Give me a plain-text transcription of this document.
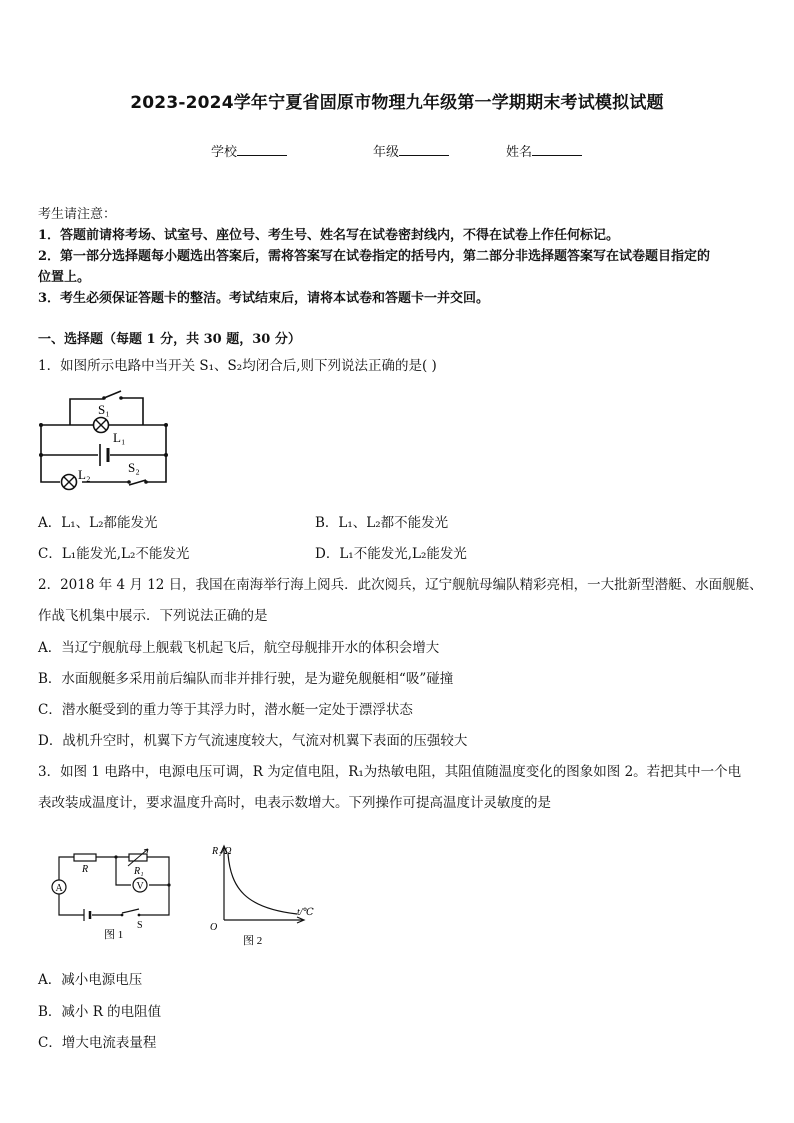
2023-2024学年宁夏省固原市物理九年级第一学期期末考试模拟试题
学校	年级	姓名
考生请注意：
1．答题前请将考场、试室号、座位号、考生号、姓名写在试卷密封线内，不得在试卷上作任何标记。
2．第一部分选择题每小题选出答案后，需将答案写在试卷指定的括号内，第二部分非选择题答案写在试卷题目指定的
位置上。
3．考生必须保证答题卡的整洁。考试结束后，请将本试卷和答题卡一并交回。
一、选择题（每题 1 分，共 30 题，30 分）
1．如图所示电路中当开关 S₁、S₂均闭合后,则下列说法正确的是( )
S₁
L₁
L₂	S₂
A．L₁、L₂都能发光	B．L₁、L₂都不能发光
C．L₁能发光,L₂不能发光	D．L₁不能发光,L₂能发光
2．2018 年 4 月 12 日，我国在南海举行海上阅兵．此次阅兵，辽宁舰航母编队精彩亮相，一大批新型潜艇、水面舰艇、
作战飞机集中展示．下列说法正确的是
A．当辽宁舰航母上舰载飞机起飞后，航空母舰排开水的体积会增大
B．水面舰艇多采用前后编队而非并排行驶，是为避免舰艇相“吸”碰撞
C．潜水艇受到的重力等于其浮力时，潜水艇一定处于漂浮状态
D．战机升空时，机翼下方气流速度较大，气流对机翼下表面的压强较大
3．如图 1 电路中，电源电压可调，R 为定值电阻，R₁为热敏电阻，其阻值随温度变化的图象如图 2。若把其中一个电
表改装成温度计，要求温度升高时，电表示数增大。下列操作可提高温度计灵敏度的是
A	V
R	R₁
S
图 1
R₁/Ω
t/℃
O
图 2
A．减小电源电压
B．减小 R 的电阻值
C．增大电流表量程
